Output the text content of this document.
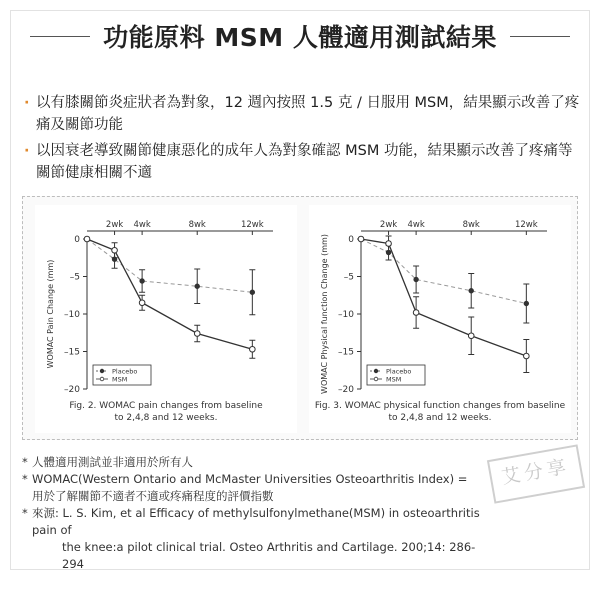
功能原料 MSM 人體適用測試結果
· 以有膝關節炎症狀者為對象，12 週內按照 1.5 克 / 日服用 MSM，結果顯示改善了疼痛及關節功能
· 以因衰老導致關節健康惡化的成年人為對象確認 MSM 功能，結果顯示改善了疼痛等關節健康相關不適
0
–5
–10
–15
–20
2wk 4wk	8wk	12wk
WOMAC Pain Change (mm)
Placebo
MSM
Fig. 2. WOMAC pain changes from baseline
to 2,4,8 and 12 weeks.
0
–5
–10
–15
–20
2wk 4wk	8wk	12wk
WOMAC Physical function Change (mm)	Placebo
MSM
Fig. 3. WOMAC physical function changes from baseline
to 2,4,8 and 12 weeks.
* 人體適用測試並非適用於所有人
* WOMAC(Western Ontario and McMaster Universities Osteoarthritis Index) =
用於了解關節不適者不適或疼痛程度的評價指數
* 來源: L. S. Kim, et al Efficacy of methylsulfonylmethane(MSM) in osteoarthritis pain of
the knee:a pilot clinical trial. Osteo Arthritis and Cartilage. 200;14: 286-294
艾分享
